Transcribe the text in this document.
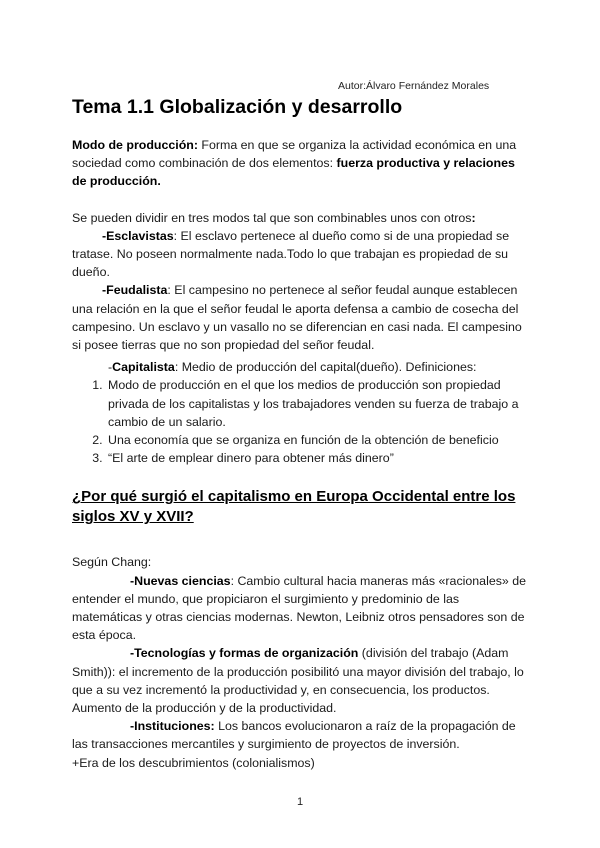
Autor:Álvaro Fernández Morales
Tema 1.1 Globalización y desarrollo

Modo de producción: Forma en que se organiza la actividad económica en una sociedad como combinación de dos elementos: fuerza productiva y relaciones de producción.

Se pueden dividir en tres modos tal que son combinables unos con otros:

-Esclavistas: El esclavo pertenece al dueño como si de una propiedad se tratase. No poseen normalmente nada.Todo lo que trabajan es propiedad de su dueño.

-Feudalista: El campesino no pertenece al señor feudal aunque establecen una relación en la que el señor feudal le aporta defensa a cambio de cosecha del campesino. Un esclavo y un vasallo no se diferencian en casi nada. El campesino si posee tierras que no son propiedad del señor feudal.

-Capitalista: Medio de producción del capital(dueño). Definiciones:

1. Modo de producción en el que los medios de producción son propiedad privada de los capitalistas y los trabajadores venden su fuerza de trabajo a cambio de un salario.
2. Una economía que se organiza en función de la obtención de beneficio
3. “El arte de emplear dinero para obtener más dinero”
¿Por qué surgió el capitalismo en Europa Occidental entre los siglos XV y XVII?

Según Chang:

-Nuevas ciencias: Cambio cultural hacia maneras más «racionales» de entender el mundo, que propiciaron el surgimiento y predominio de las matemáticas y otras ciencias modernas. Newton, Leibniz otros pensadores son de esta época.

-Tecnologías y formas de organización (división del trabajo (Adam Smith)): el incremento de la producción posibilitó una mayor división del trabajo, lo que a su vez incrementó la productividad y, en consecuencia, los productos. Aumento de la producción y de la productividad.

-Instituciones: Los bancos evolucionaron a raíz de la propagación de las transacciones mercantiles y surgimiento de proyectos de inversión.

+Era de los descubrimientos (colonialismos)

1
